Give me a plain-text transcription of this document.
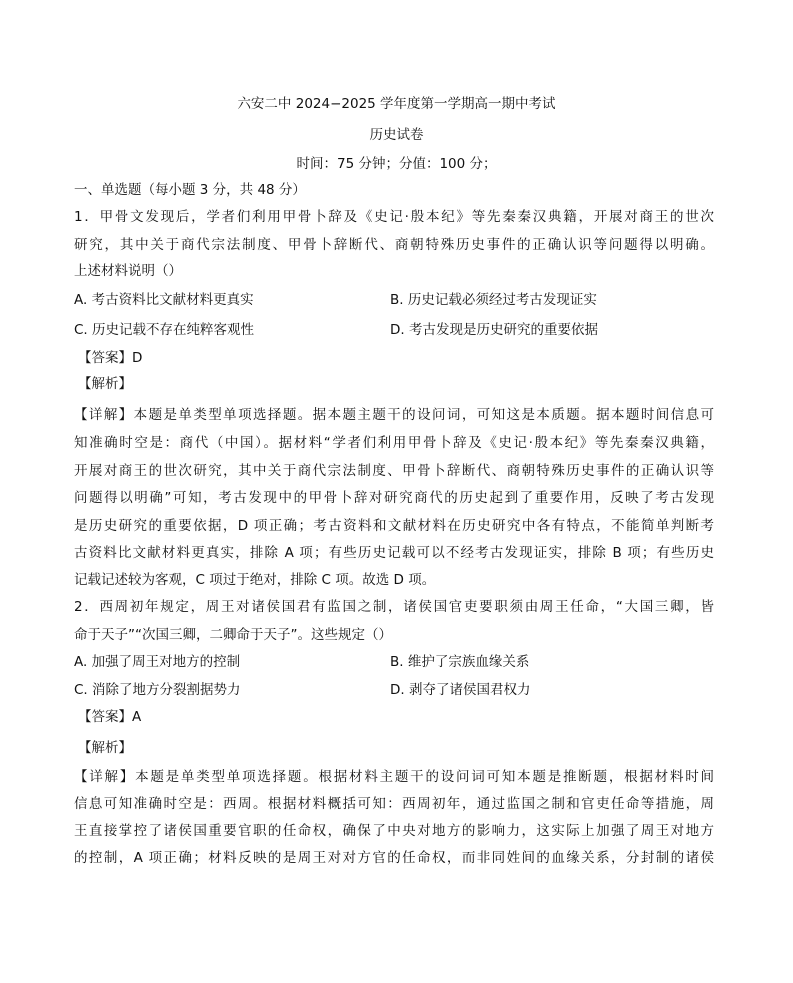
六安二中 2024−2025 学年度第一学期高一期中考试
历史试卷
时间：75 分钟；分值：100 分；
一、单选题（每小题 3 分，共 48 分）
1．甲骨文发现后，学者们利用甲骨卜辞及《史记·殷本纪》等先秦秦汉典籍，开展对商王的世次
研究，其中关于商代宗法制度、甲骨卜辞断代、商朝特殊历史事件的正确认识等问题得以明确。
上述材料说明（）
A. 考古资料比文献材料更真实	B. 历史记载必须经过考古发现证实
C. 历史记载不存在纯粹客观性	D. 考古发现是历史研究的重要依据
【答案】D
【解析】
【详解】本题是单类型单项选择题。据本题主题干的设问词，可知这是本质题。据本题时间信息可
知准确时空是：商代（中国）。据材料“学者们利用甲骨卜辞及《史记·殷本纪》等先秦秦汉典籍，
开展对商王的世次研究，其中关于商代宗法制度、甲骨卜辞断代、商朝特殊历史事件的正确认识等
问题得以明确”可知，考古发现中的甲骨卜辞对研究商代的历史起到了重要作用，反映了考古发现
是历史研究的重要依据，D 项正确；考古资料和文献材料在历史研究中各有特点，不能简单判断考
古资料比文献材料更真实，排除 A 项；有些历史记载可以不经考古发现证实，排除 B 项；有些历史
记载记述较为客观，C 项过于绝对，排除 C 项。故选 D 项。
2．西周初年规定，周王对诸侯国君有监国之制，诸侯国官吏要职须由周王任命，“大国三卿，皆
命于天子”“次国三卿，二卿命于天子”。这些规定（）
A. 加强了周王对地方的控制	B. 维护了宗族血缘关系
C. 消除了地方分裂割据势力	D. 剥夺了诸侯国君权力
【答案】A
【解析】
【详解】本题是单类型单项选择题。根据材料主题干的设问词可知本题是推断题，根据材料时间
信息可知准确时空是：西周。根据材料概括可知：西周初年，通过监国之制和官吏任命等措施，周
王直接掌控了诸侯国重要官职的任命权，确保了中央对地方的影响力，这实际上加强了周王对地方
的控制，A 项正确；材料反映的是周王对对方官的任命权，而非同姓间的血缘关系，分封制的诸侯
